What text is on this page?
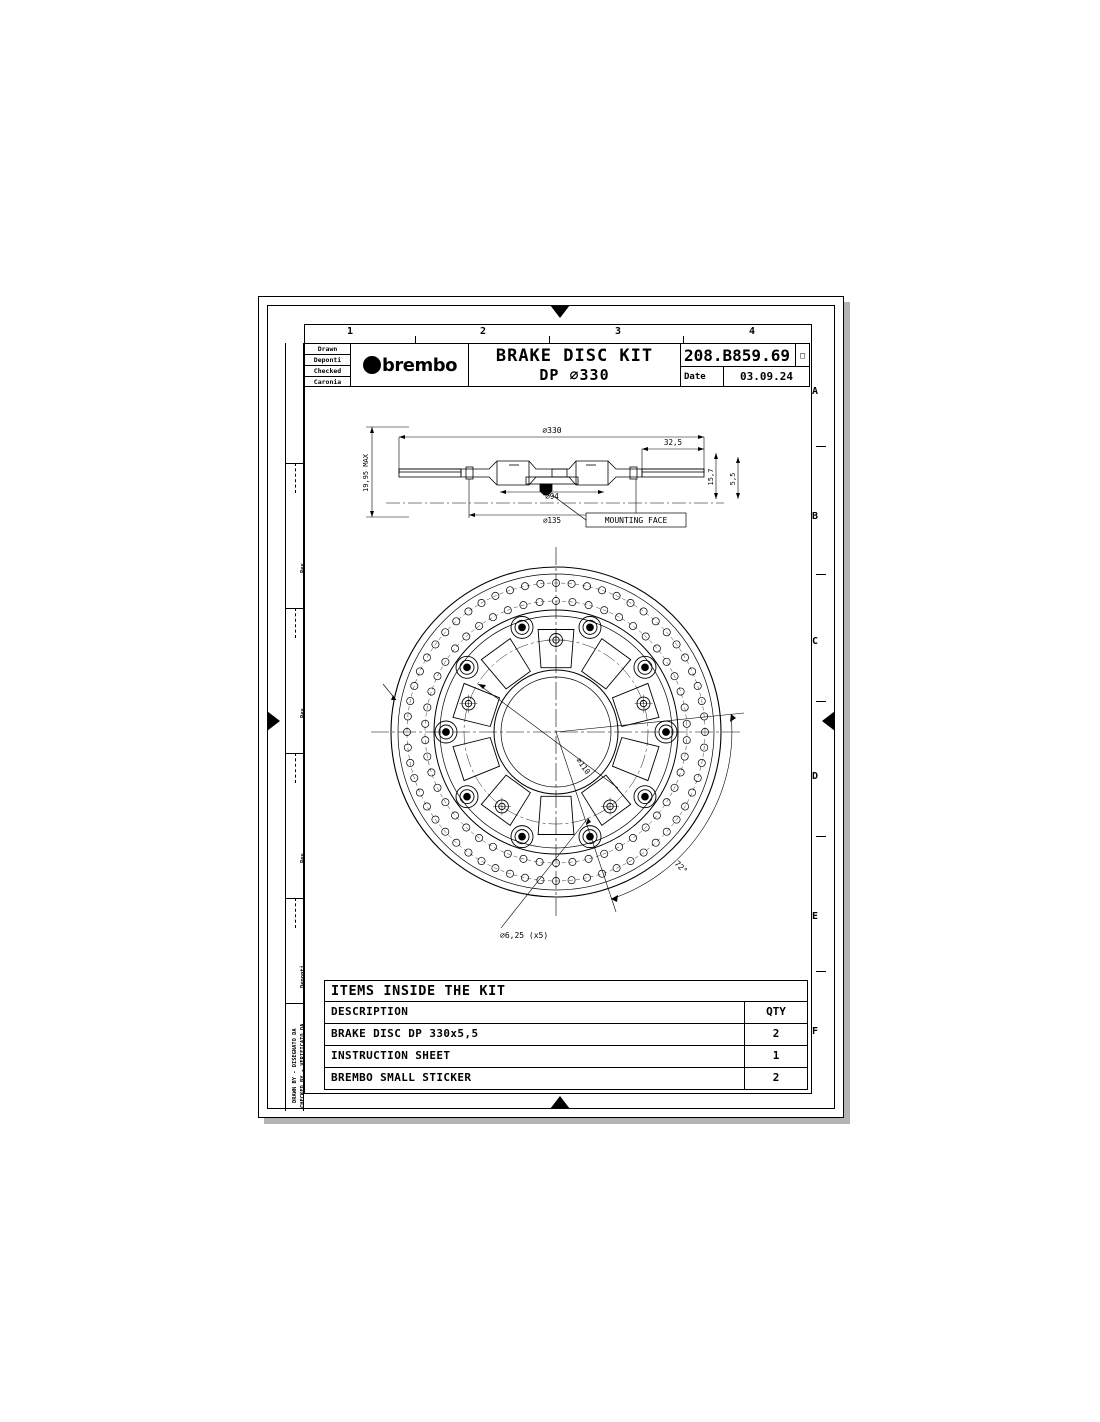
1	2	3	4
A
B
C
D
E
F
Rev.
Rev.
Rev.
Deponti
DRAWN BY - DISEGNATO DA CHECKED BY - VERIFICATO DA
Drawn
Deponti
Checked
Caronia
brembo BRAKE DISC KIT
DP ⌀330
208.B859.69	□
Date	03.09.24
19,95 MAX
⌀330
⌀94
⌀135
32,5
15,7 5,5
MOUNTING FACE
⌀110
⌀6,25 (x5)
72°
ITEMS INSIDE THE KIT
DESCRIPTION	QTY
BRAKE DISC DP 330x5,5	2
INSTRUCTION SHEET	1
BREMBO SMALL STICKER	2
